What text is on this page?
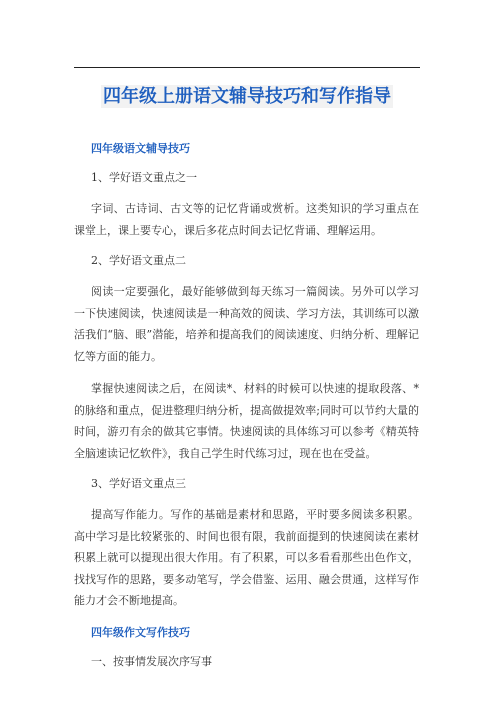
四年级上册语文辅导技巧和写作指导
四年级语文辅导技巧
1、学好语文重点之一

字词、古诗词、古文等的记忆背诵或赏析。这类知识的学习重点在课堂上，课上要专心，课后多花点时间去记忆背诵、理解运用。

2、学好语文重点二

阅读一定要强化，最好能够做到每天练习一篇阅读。另外可以学习一下快速阅读，快速阅读是一种高效的阅读、学习方法，其训练可以激活我们“脑、眼”潜能，培养和提高我们的阅读速度、归纳分析、理解记忆等方面的能力。

掌握快速阅读之后，在阅读*、材料的时候可以快速的提取段落、*的脉络和重点，促进整理归纳分析，提高做提效率;同时可以节约大量的时间，游刃有余的做其它事情。快速阅读的具体练习可以参考《精英特全脑速读记忆软件》，我自己学生时代练习过，现在也在受益。

3、学好语文重点三

提高写作能力。写作的基础是素材和思路，平时要多阅读多积累。高中学习是比较紧张的、时间也很有限，我前面提到的快速阅读在素材积累上就可以提现出很大作用。有了积累，可以多看看那些出色作文，找找写作的思路，要多动笔写，学会借鉴、运用、融会贯通，这样写作能力才会不断地提高。

四年级作文写作技巧
一、按事情发展次序写事
